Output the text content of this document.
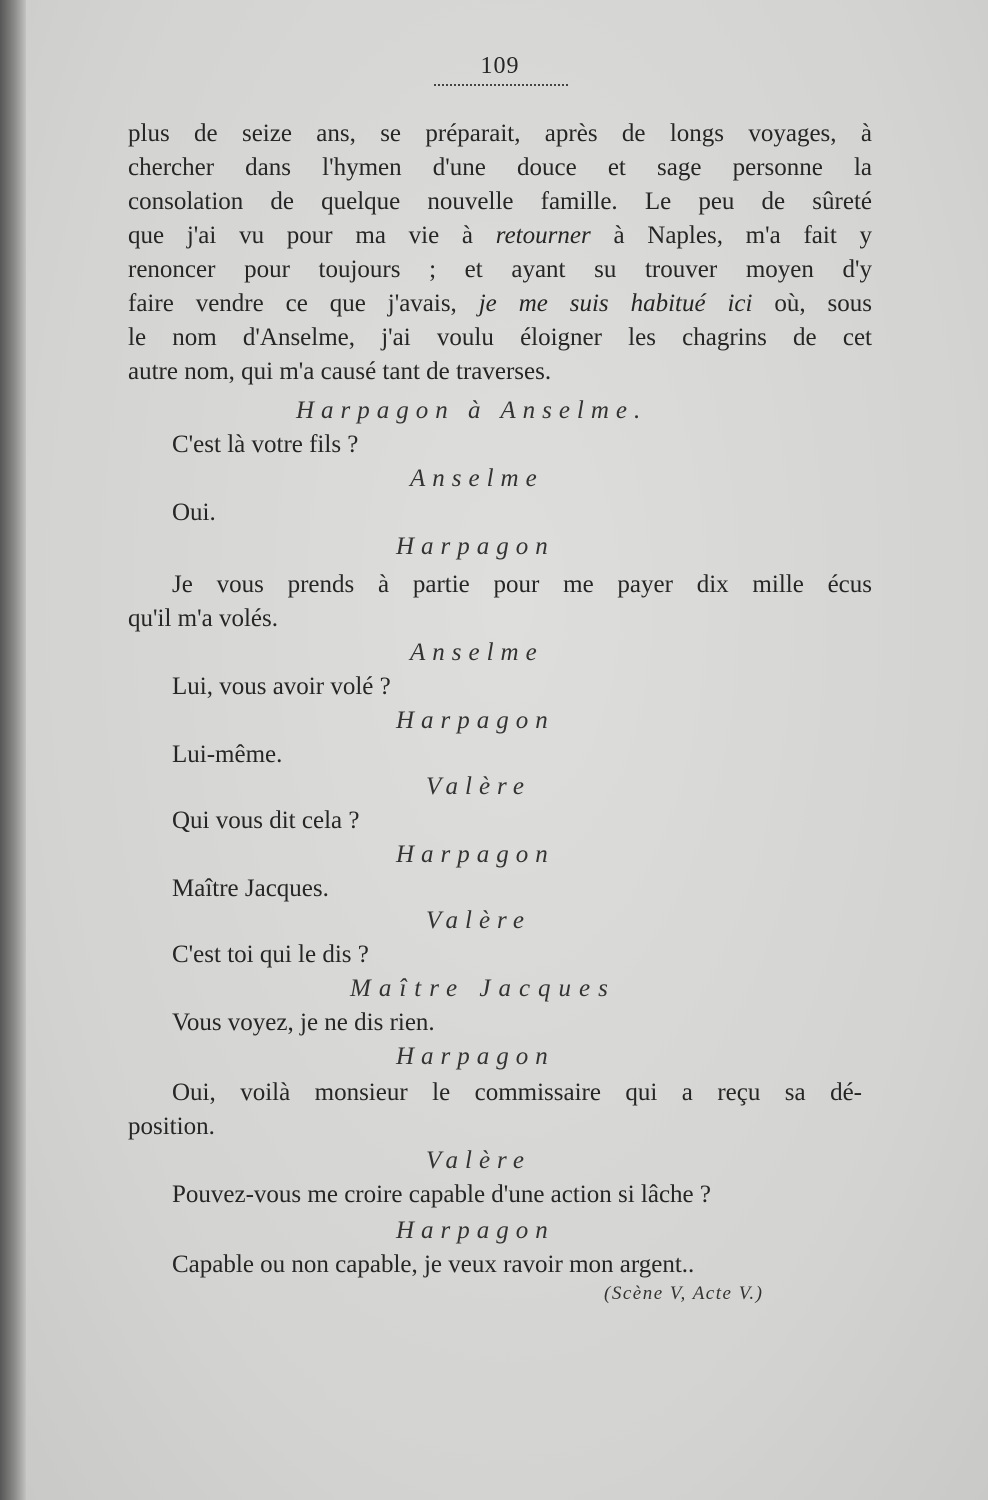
109
plus de seize ans, se préparait, après de longs voyages, à
chercher dans l'hymen d'une douce et sage personne la
consolation de quelque nouvelle famille. Le peu de sûreté
que j'ai vu pour ma vie à retourner à Naples, m'a fait y
renoncer pour toujours ; et ayant su trouver moyen d'y
faire vendre ce que j'avais, je me suis habitué ici où, sous
le nom d'Anselme, j'ai voulu éloigner les chagrins de cet
autre nom, qui m'a causé tant de traverses.
Harpagon à Anselme.
C'est là votre fils ?
Anselme
Oui.
Harpagon
Je vous prends à partie pour me payer dix mille écus
qu'il m'a volés.
Anselme
Lui, vous avoir volé ?
Harpagon
Lui-même.
Valère
Qui vous dit cela ?
Harpagon
Maître Jacques.
Valère
C'est toi qui le dis ?
Maître Jacques
Vous voyez, je ne dis rien.
Harpagon
Oui, voilà monsieur le commissaire qui a reçu sa dé-
position.
Valère
Pouvez-vous me croire capable d'une action si lâche ?
Harpagon
Capable ou non capable, je veux ravoir mon argent..
(Scène V, Acte V.)
